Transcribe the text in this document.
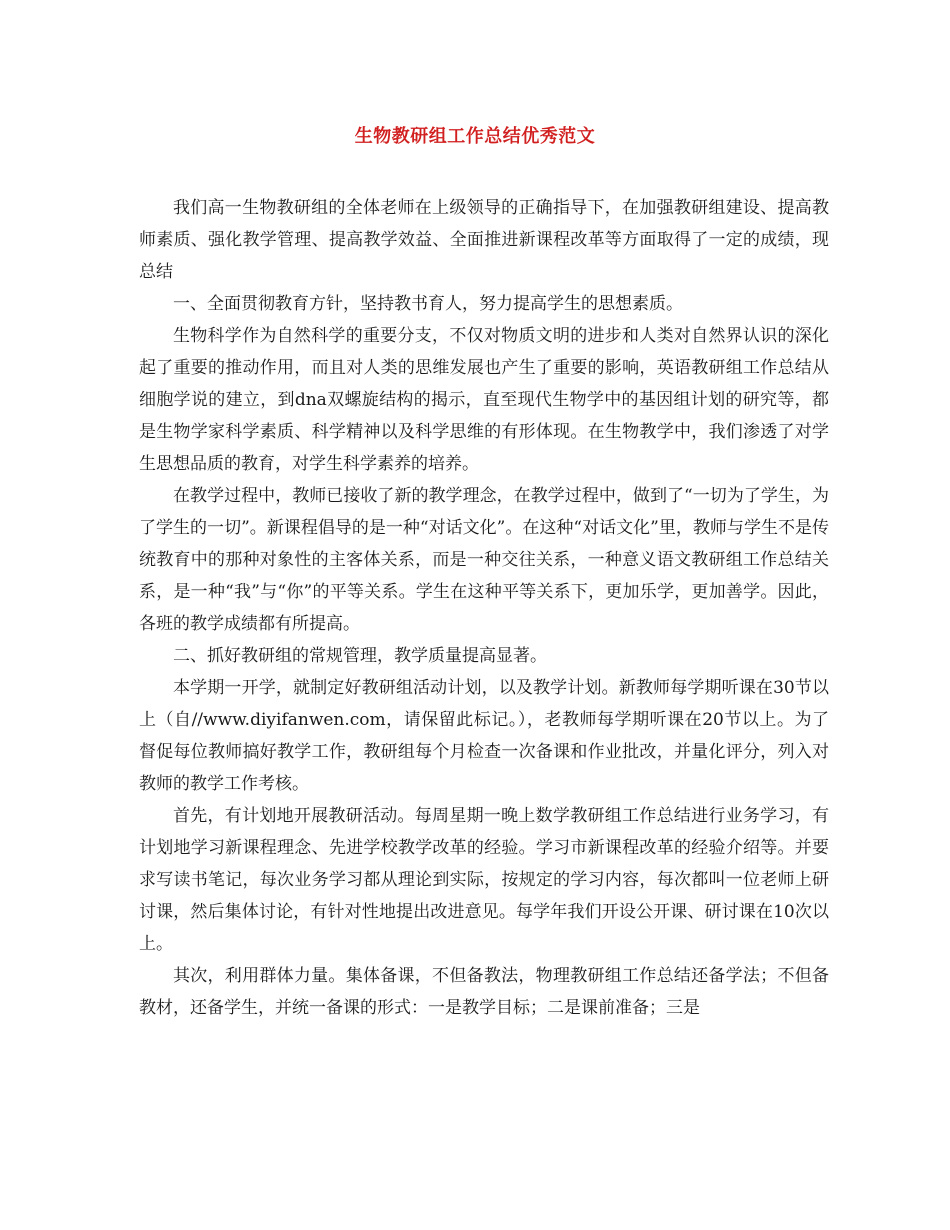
生物教研组工作总结优秀范文

我们高一生物教研组的全体老师在上级领导的正确指导下，在加强教研组建设、提高教师素质、强化教学管理、提高教学效益、全面推进新课程改革等方面取得了一定的成绩，现总结

一、全面贯彻教育方针，坚持教书育人，努力提高学生的思想素质。

生物科学作为自然科学的重要分支，不仅对物质文明的进步和人类对自然界认识的深化起了重要的推动作用，而且对人类的思维发展也产生了重要的影响，英语教研组工作总结从细胞学说的建立，到dna双螺旋结构的揭示，直至现代生物学中的基因组计划的研究等，都是生物学家科学素质、科学精神以及科学思维的有形体现。在生物教学中，我们渗透了对学生思想品质的教育，对学生科学素养的培养。

在教学过程中，教师已接收了新的教学理念，在教学过程中，做到了“一切为了学生，为了学生的一切”。新课程倡导的是一种“对话文化”。在这种“对话文化”里，教师与学生不是传统教育中的那种对象性的主客体关系，而是一种交往关系，一种意义语文教研组工作总结关系，是一种“我”与“你”的平等关系。学生在这种平等关系下，更加乐学，更加善学。因此，各班的教学成绩都有所提高。

二、抓好教研组的常规管理，教学质量提高显著。

本学期一开学，就制定好教研组活动计划，以及教学计划。新教师每学期听课在30节以上（自//www.diyifanwen.com，请保留此标记。），老教师每学期听课在20节以上。为了督促每位教师搞好教学工作，教研组每个月检查一次备课和作业批改，并量化评分，列入对教师的教学工作考核。

首先，有计划地开展教研活动。每周星期一晚上数学教研组工作总结进行业务学习，有计划地学习新课程理念、先进学校教学改革的经验。学习市新课程改革的经验介绍等。并要求写读书笔记，每次业务学习都从理论到实际，按规定的学习内容，每次都叫一位老师上研讨课，然后集体讨论，有针对性地提出改进意见。每学年我们开设公开课、研讨课在10次以上。

其次，利用群体力量。集体备课，不但备教法，物理教研组工作总结还备学法；不但备教材，还备学生，并统一备课的形式：一是教学目标；二是课前准备；三是
